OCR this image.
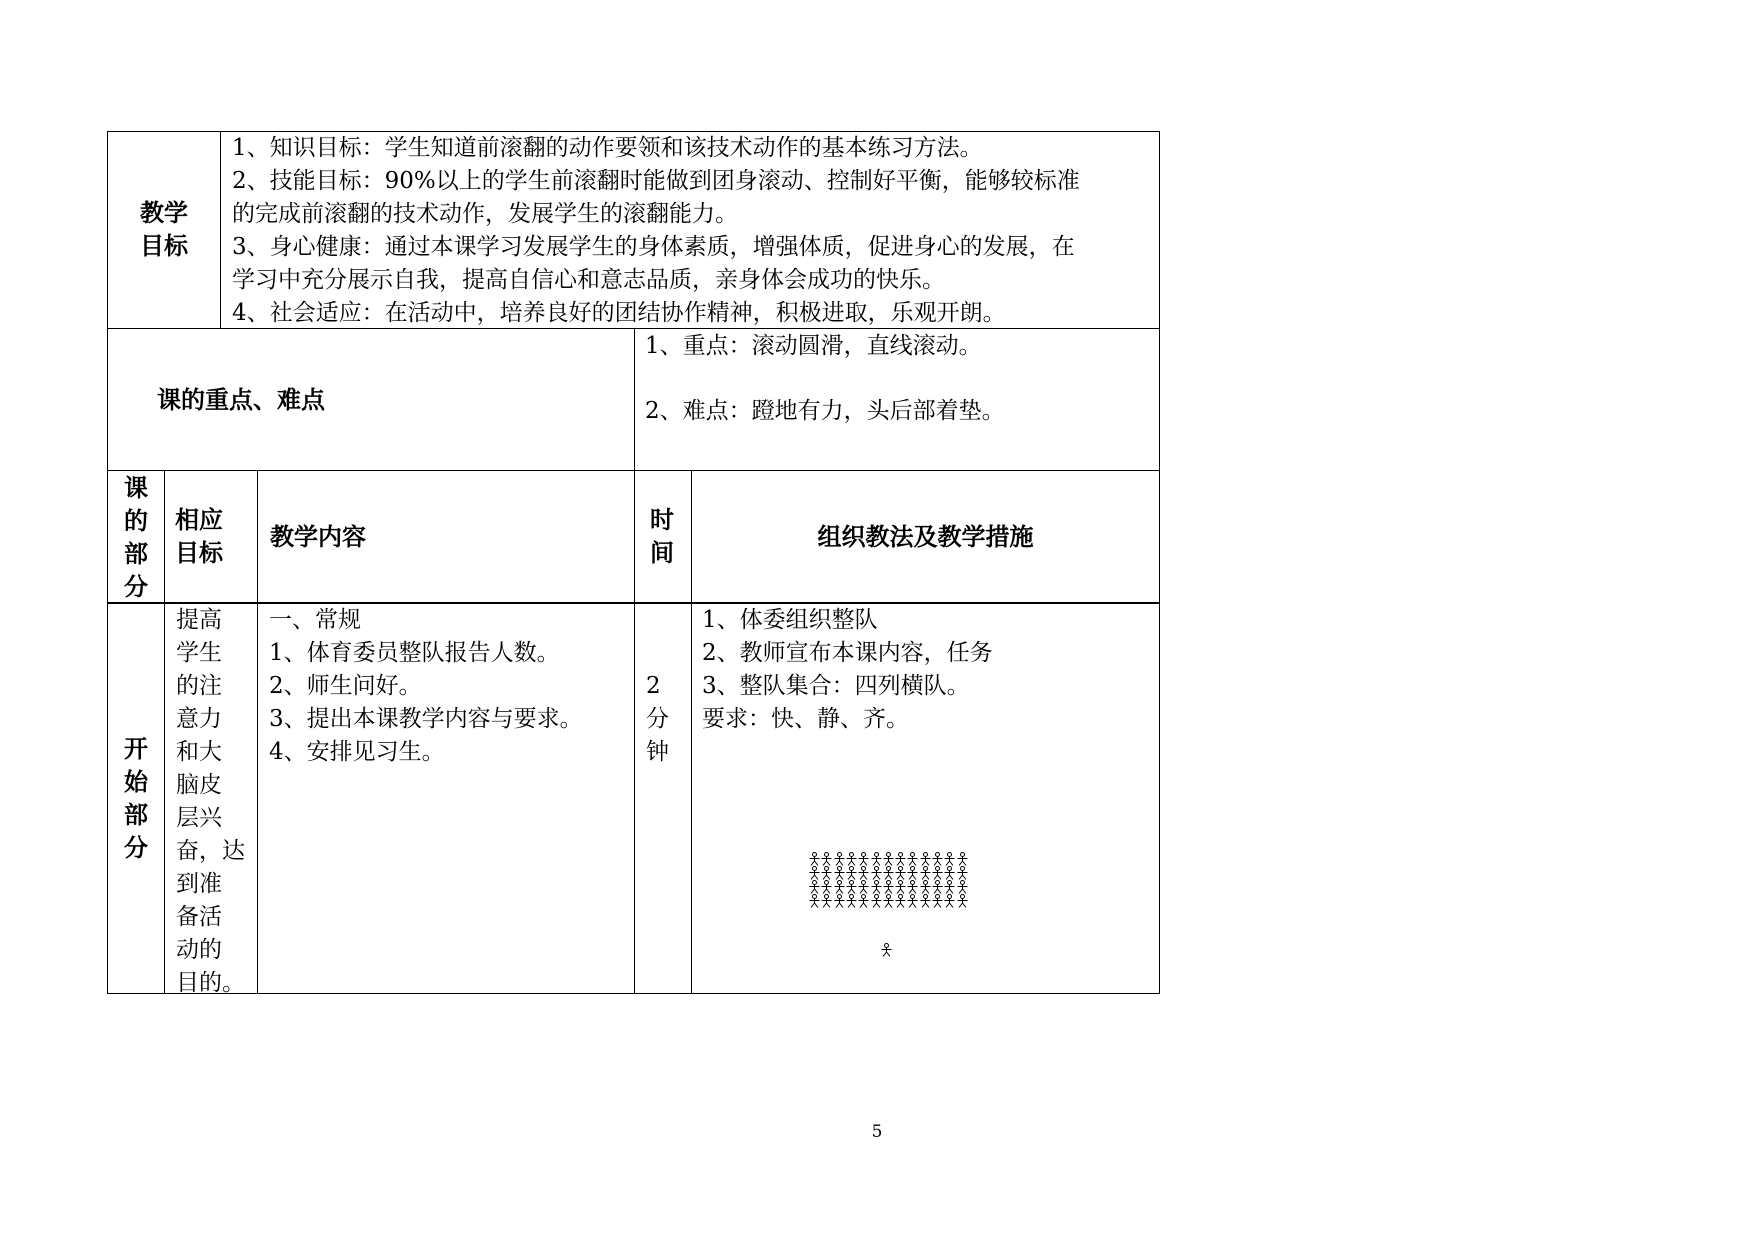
教学
目标
1、知识目标：学生知道前滚翻的动作要领和该技术动作的基本练习方法。
2、技能目标：90%以上的学生前滚翻时能做到团身滚动、控制好平衡，能够较标准
的完成前滚翻的技术动作，发展学生的滚翻能力。
3、身心健康：通过本课学习发展学生的身体素质，增强体质，促进身心的发展，在
学习中充分展示自我，提高自信心和意志品质，亲身体会成功的快乐。
4、社会适应：在活动中，培养良好的团结协作精神，积极进取，乐观开朗。
课的重点、难点
1、重点：滚动圆滑，直线滚动。
2、难点：蹬地有力，头后部着垫。
课
的
部
分
相应
目标
教学内容
时
间
组织教法及教学措施
开
始
部
分
提高
学生
的注
意力
和大
脑皮
层兴
奋，达
到准
备活
动的
目的。
一、常规
1、体育委员整队报告人数。
2、师生问好。
3、提出本课教学内容与要求。
4、安排见习生。
2
分
钟
1、体委组织整队
2、教师宣布本课内容，任务
3、整队集合：四列横队。
要求：快、静、齐。
5
